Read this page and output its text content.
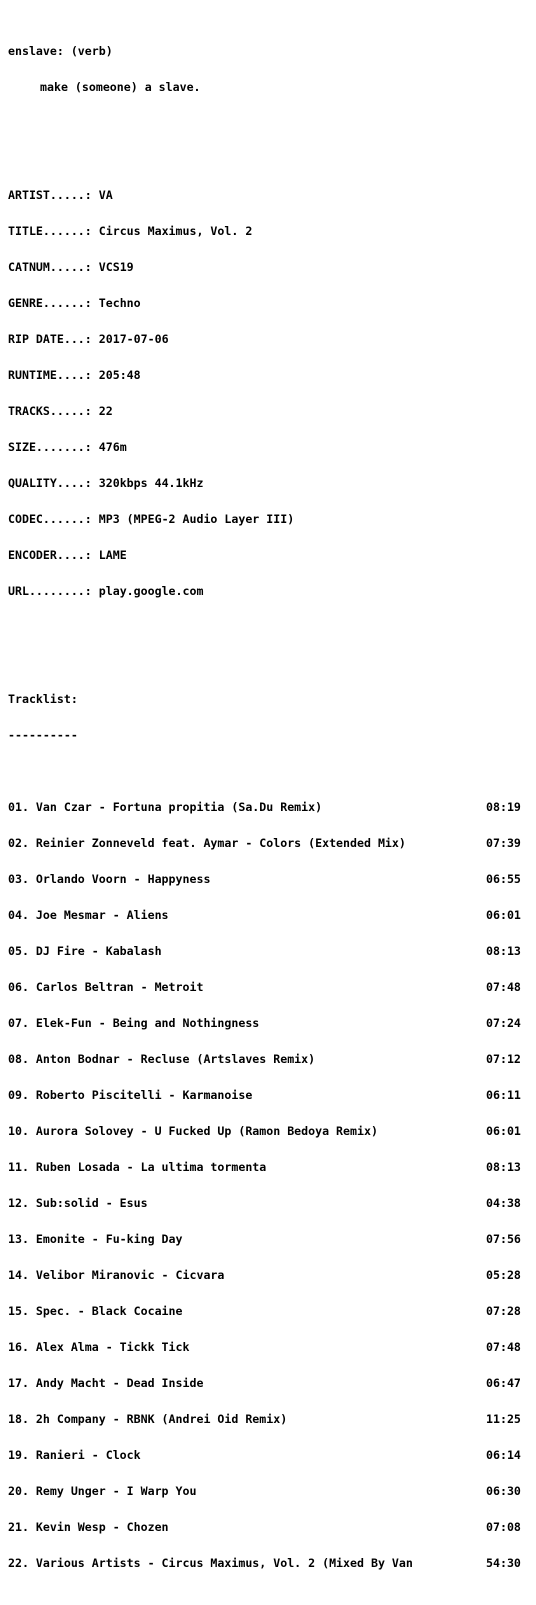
enslave: (verb)

make (someone) a slave.

ARTIST.....: VA

TITLE......: Circus Maximus, Vol. 2

CATNUM.....: VCS19

GENRE......: Techno

RIP DATE...: 2017-07-06

RUNTIME....: 205:48

TRACKS.....: 22

SIZE.......: 476m

QUALITY....: 320kbps 44.1kHz

CODEC......: MP3 (MPEG-2 Audio Layer III)

ENCODER....: LAME

URL........: play.google.com

Tracklist:

----------

01. Van Czar - Fortuna propitia (Sa.Du Remix)	08:19

02. Reinier Zonneveld feat. Aymar - Colors (Extended Mix)	07:39

03. Orlando Voorn - Happyness	06:55

04. Joe Mesmar - Aliens	06:01

05. DJ Fire - Kabalash	08:13

06. Carlos Beltran - Metroit	07:48

07. Elek-Fun - Being and Nothingness	07:24

08. Anton Bodnar - Recluse (Artslaves Remix)	07:12

09. Roberto Piscitelli - Karmanoise	06:11

10. Aurora Solovey - U Fucked Up (Ramon Bedoya Remix)	06:01

11. Ruben Losada - La ultima tormenta	08:13

12. Sub:solid - Esus	04:38

13. Emonite - Fu-king Day	07:56

14. Velibor Miranovic - Cicvara	05:28

15. Spec. - Black Cocaine	07:28

16. Alex Alma - Tickk Tick	07:48

17. Andy Macht - Dead Inside	06:47

18. 2h Company - RBNK (Andrei Oid Remix)	11:25

19. Ranieri - Clock	06:14

20. Remy Unger - I Warp You	06:30

21. Kevin Wesp - Chozen	07:08

22. Various Artists - Circus Maximus, Vol. 2 (Mixed By Van	54:30
